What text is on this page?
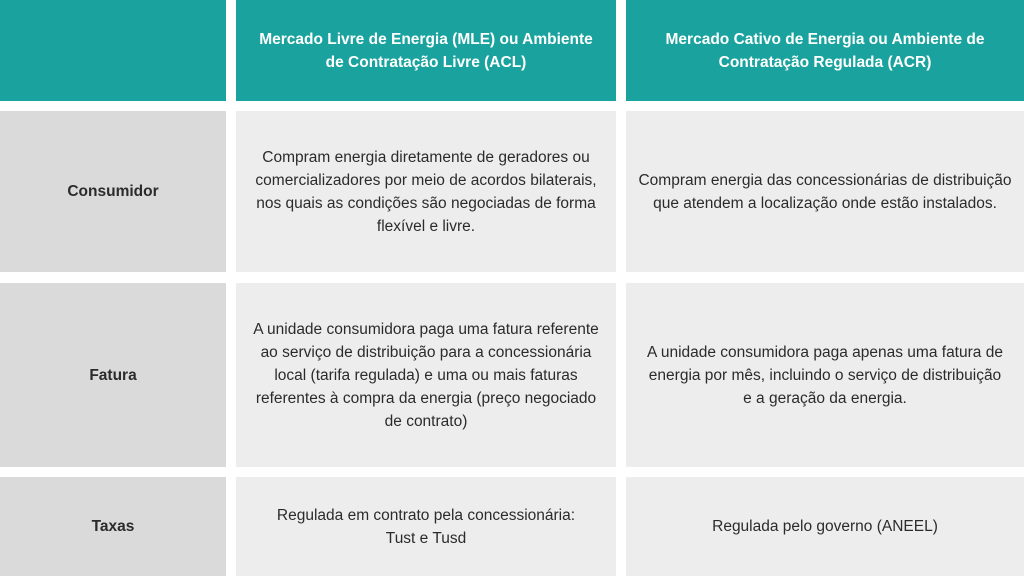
Mercado Livre de Energia (MLE) ou Ambiente de Contratação Livre (ACL)
Mercado Cativo de Energia ou Ambiente de Contratação Regulada (ACR)
Consumidor
Compram energia diretamente de geradores ou comercializadores por meio de acordos bilaterais, nos quais as condições são negociadas de forma flexível e livre.
Compram energia das concessionárias de distribuição que atendem a localização onde estão instalados.
Fatura
A unidade consumidora paga uma fatura referente ao serviço de distribuição para a concessionária local (tarifa regulada) e uma ou mais faturas referentes à compra da energia (preço negociado de contrato)
A unidade consumidora paga apenas uma fatura de energia por mês, incluindo o serviço de distribuição e a geração da energia.
Taxas
Regulada em contrato pela concessionária: Tust e Tusd
Regulada pelo governo (ANEEL)
